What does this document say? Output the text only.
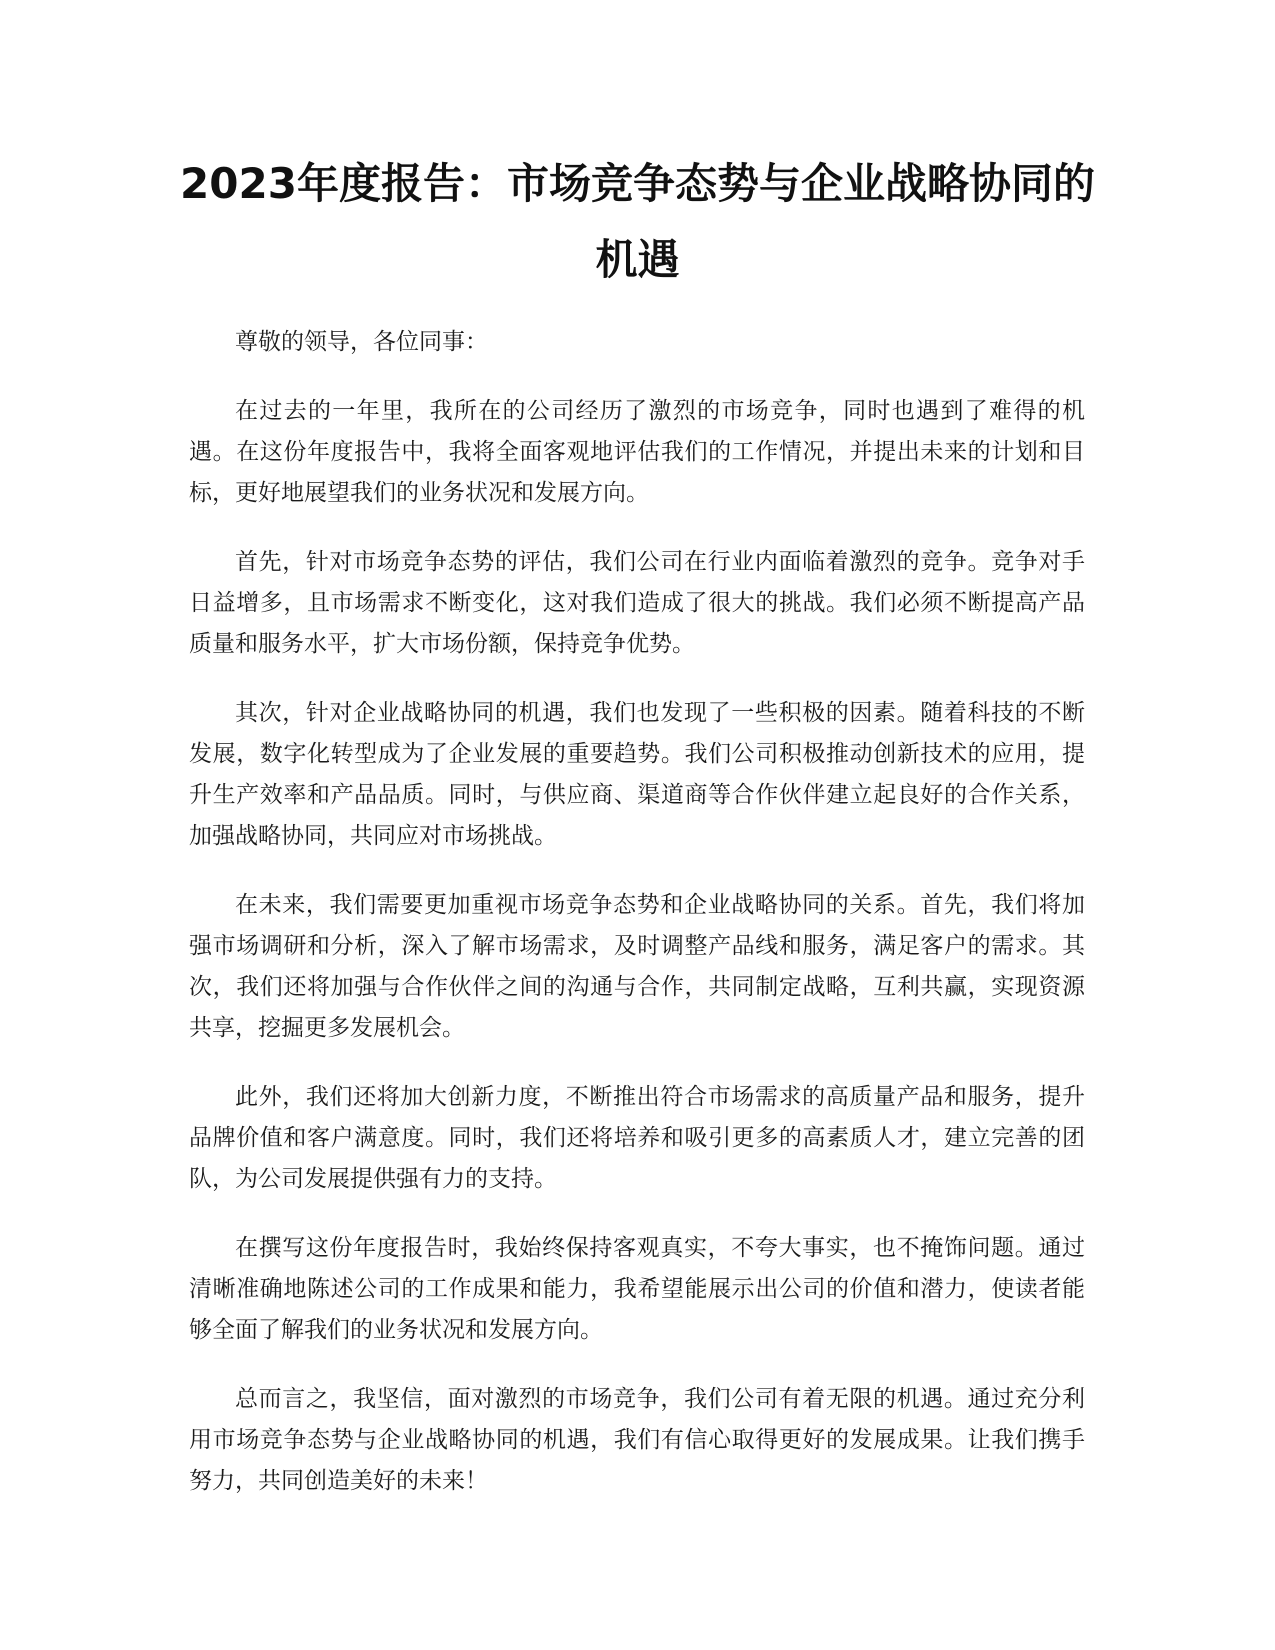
2023年度报告：市场竞争态势与企业战略协同的机遇

尊敬的领导，各位同事：

在过去的一年里，我所在的公司经历了激烈的市场竞争，同时也遇到了难得的机遇。在这份年度报告中，我将全面客观地评估我们的工作情况，并提出未来的计划和目标，更好地展望我们的业务状况和发展方向。

首先，针对市场竞争态势的评估，我们公司在行业内面临着激烈的竞争。竞争对手日益增多，且市场需求不断变化，这对我们造成了很大的挑战。我们必须不断提高产品质量和服务水平，扩大市场份额，保持竞争优势。

其次，针对企业战略协同的机遇，我们也发现了一些积极的因素。随着科技的不断发展，数字化转型成为了企业发展的重要趋势。我们公司积极推动创新技术的应用，提升生产效率和产品品质。同时，与供应商、渠道商等合作伙伴建立起良好的合作关系，加强战略协同，共同应对市场挑战。

在未来，我们需要更加重视市场竞争态势和企业战略协同的关系。首先，我们将加强市场调研和分析，深入了解市场需求，及时调整产品线和服务，满足客户的需求。其次，我们还将加强与合作伙伴之间的沟通与合作，共同制定战略，互利共赢，实现资源共享，挖掘更多发展机会。

此外，我们还将加大创新力度，不断推出符合市场需求的高质量产品和服务，提升品牌价值和客户满意度。同时，我们还将培养和吸引更多的高素质人才，建立完善的团队，为公司发展提供强有力的支持。

在撰写这份年度报告时，我始终保持客观真实，不夸大事实，也不掩饰问题。通过清晰准确地陈述公司的工作成果和能力，我希望能展示出公司的价值和潜力，使读者能够全面了解我们的业务状况和发展方向。

总而言之，我坚信，面对激烈的市场竞争，我们公司有着无限的机遇。通过充分利用市场竞争态势与企业战略协同的机遇，我们有信心取得更好的发展成果。让我们携手努力，共同创造美好的未来！
